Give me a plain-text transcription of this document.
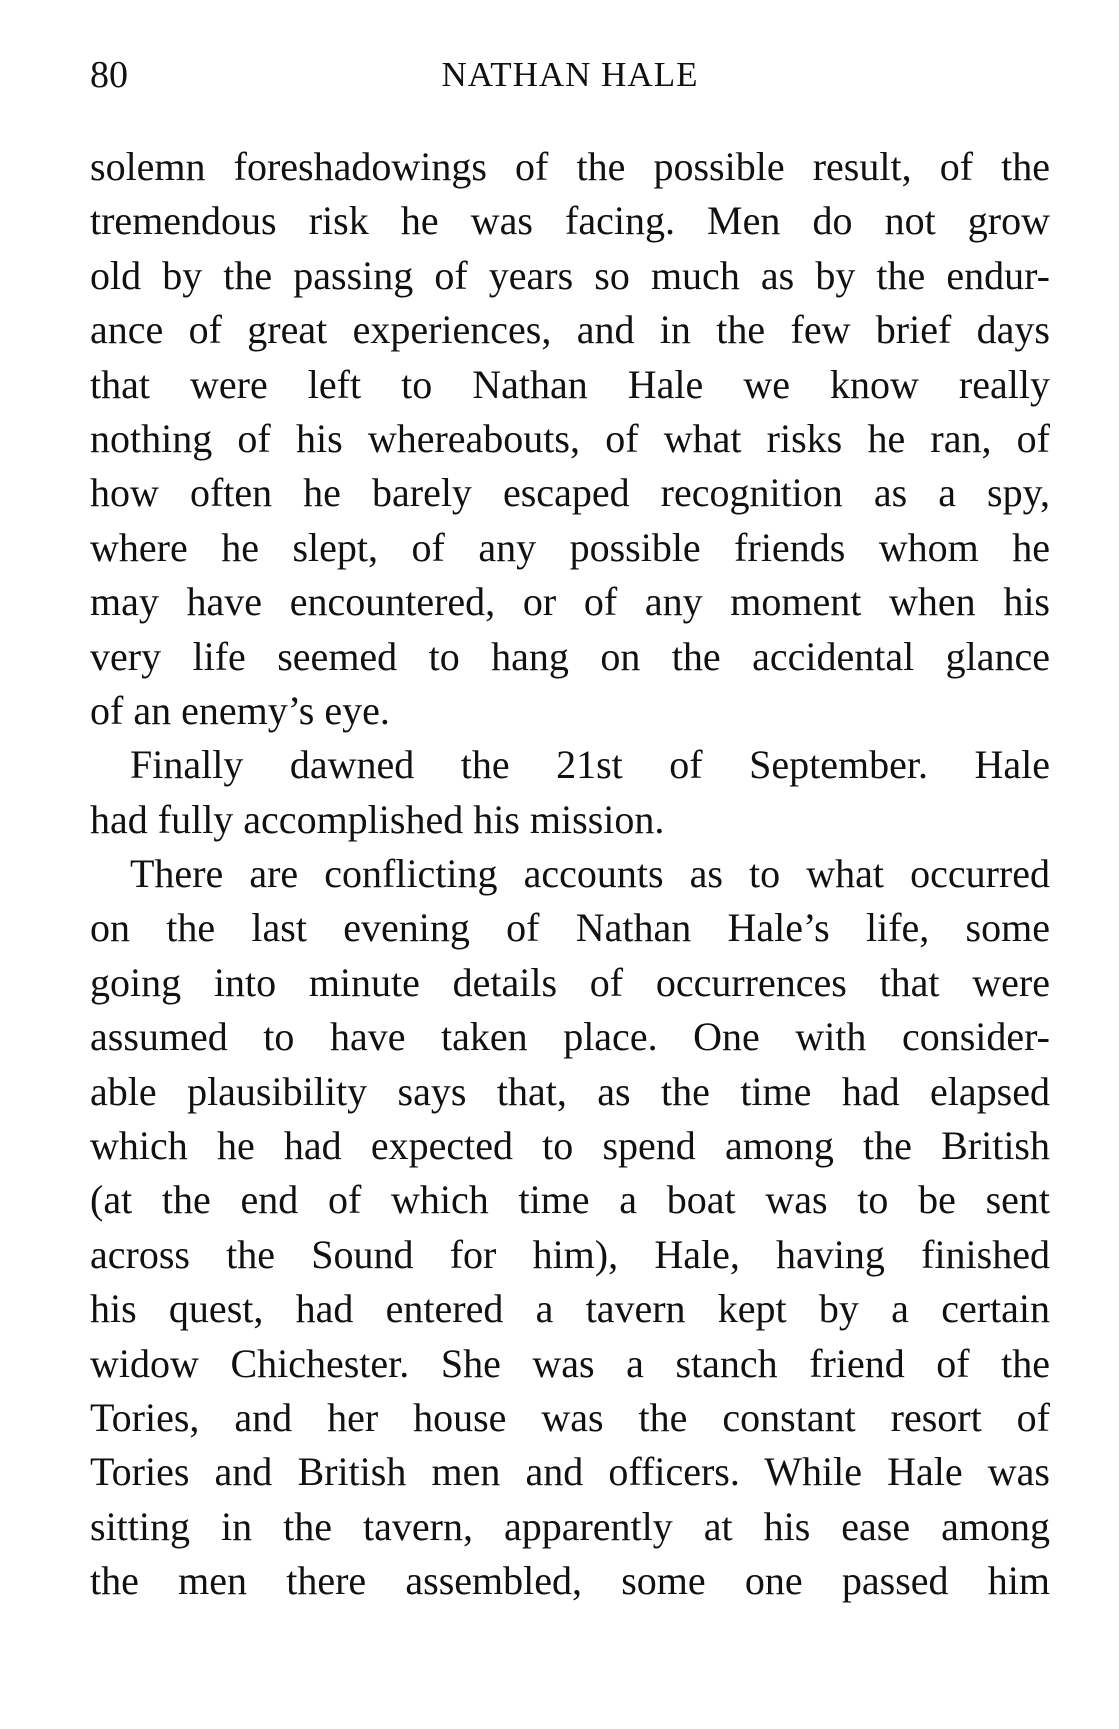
80	NATHAN HALE

solemn foreshadowings of the possible result, of the
tremendous risk he was facing. Men do not grow
old by the passing of years so much as by the endur-
ance of great experiences, and in the few brief days
that were left to Nathan Hale we know really
nothing of his whereabouts, of what risks he ran, of
how often he barely escaped recognition as a spy,
where he slept, of any possible friends whom he
may have encountered, or of any moment when his
very life seemed to hang on the accidental glance
of an enemy’s eye.

Finally dawned the 21st of September. Hale
had fully accomplished his mission.

There are conflicting accounts as to what occurred
on the last evening of Nathan Hale’s life, some
going into minute details of occurrences that were
assumed to have taken place. One with consider-
able plausibility says that, as the time had elapsed
which he had expected to spend among the British
(at the end of which time a boat was to be sent
across the Sound for him), Hale, having finished
his quest, had entered a tavern kept by a certain
widow Chichester. She was a stanch friend of the
Tories, and her house was the constant resort of
Tories and British men and officers. While Hale was
sitting in the tavern, apparently at his ease among
the men there assembled, some one passed him
